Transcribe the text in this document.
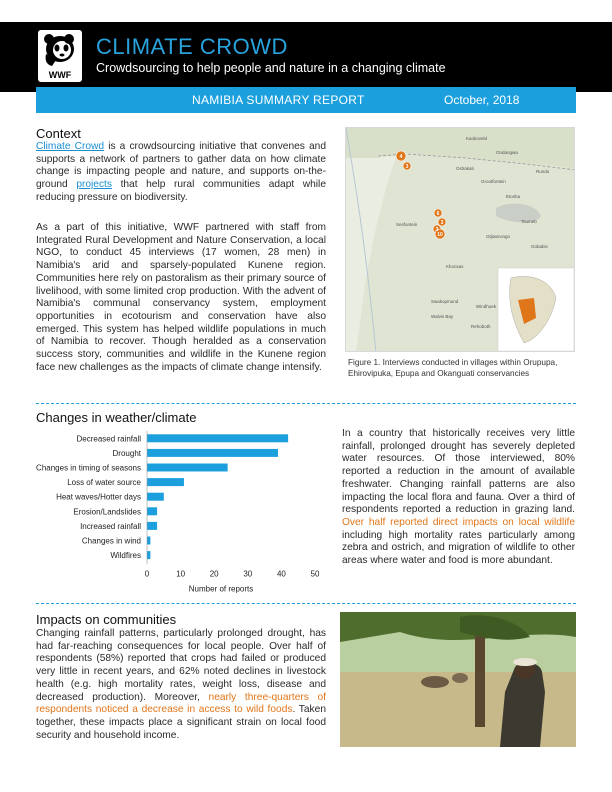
WWF
CLIMATE CROWD
Crowdsourcing to help people and nature in a changing climate
NAMIBIA SUMMARY REPORT	October, 2018
Context
Climate Crowd is a crowdsourcing initiative that convenes and supports a network of partners to gather data on how climate change is impacting people and nature, and supports on-the-ground projects that help rural communities adapt while reducing pressure on biodiversity.
As a part of this initiative, WWF partnered with staff from Integrated Rural Development and Nature Conservation, a local NGO, to conduct 45 interviews (17 women, 28 men) in Namibia's arid and sparsely-populated Kunene region. Communities here rely on pastoralism as their primary source of livelihood, with some limited crop production. With the advent of Namibia's communal conservancy system, employment opportunities in ecotourism and conservation have also emerged. This system has helped wildlife populations in much of Namibia to recover. Though heralded as a conservation success story, communities and wildlife in the Kunene region face new challenges as the impacts of climate change intensify.
Kaokoveld
Ondangwa
Oshakati
Rundu
Grootfontein
Sesfontein
Etosha
Tsumeb
Otjiwarongo
Khorixas
Swakopmund
Windhoek
Gobabis
Walvis Bay
Rehoboth
4
3
6
3
3
10
Figure 1. Interviews conducted in villages within Orupupa, Ehirovipuka, Epupa and Okanguati conservancies
Changes in weather/climate
Decreased rainfall
Drought
Changes in timing of seasons
Loss of water source
Heat waves/Hotter days
Erosion/Landslides
Increased rainfall
Changes in wind
Wildfires
0	10	20	30	40	50
Number of reports
In a country that historically receives very little rainfall, prolonged drought has severely depleted water resources. Of those interviewed, 80% reported a reduction in the amount of available freshwater. Changing rainfall patterns are also impacting the local flora and fauna. Over a third of respondents reported a reduction in grazing land. Over half reported direct impacts on local wildlife including high mortality rates particularly among zebra and ostrich, and migration of wildlife to other areas where water and food is more abundant.
Impacts on communities
Changing rainfall patterns, particularly prolonged drought, has had far-reaching consequences for local people. Over half of respondents (58%) reported that crops had failed or produced very little in recent years, and 62% noted declines in livestock health (e.g. high mortality rates, weight loss, disease and decreased production). Moreover, nearly three-quarters of respondents noticed a decrease in access to wild foods. Taken together, these impacts place a significant strain on local food security and household income.
